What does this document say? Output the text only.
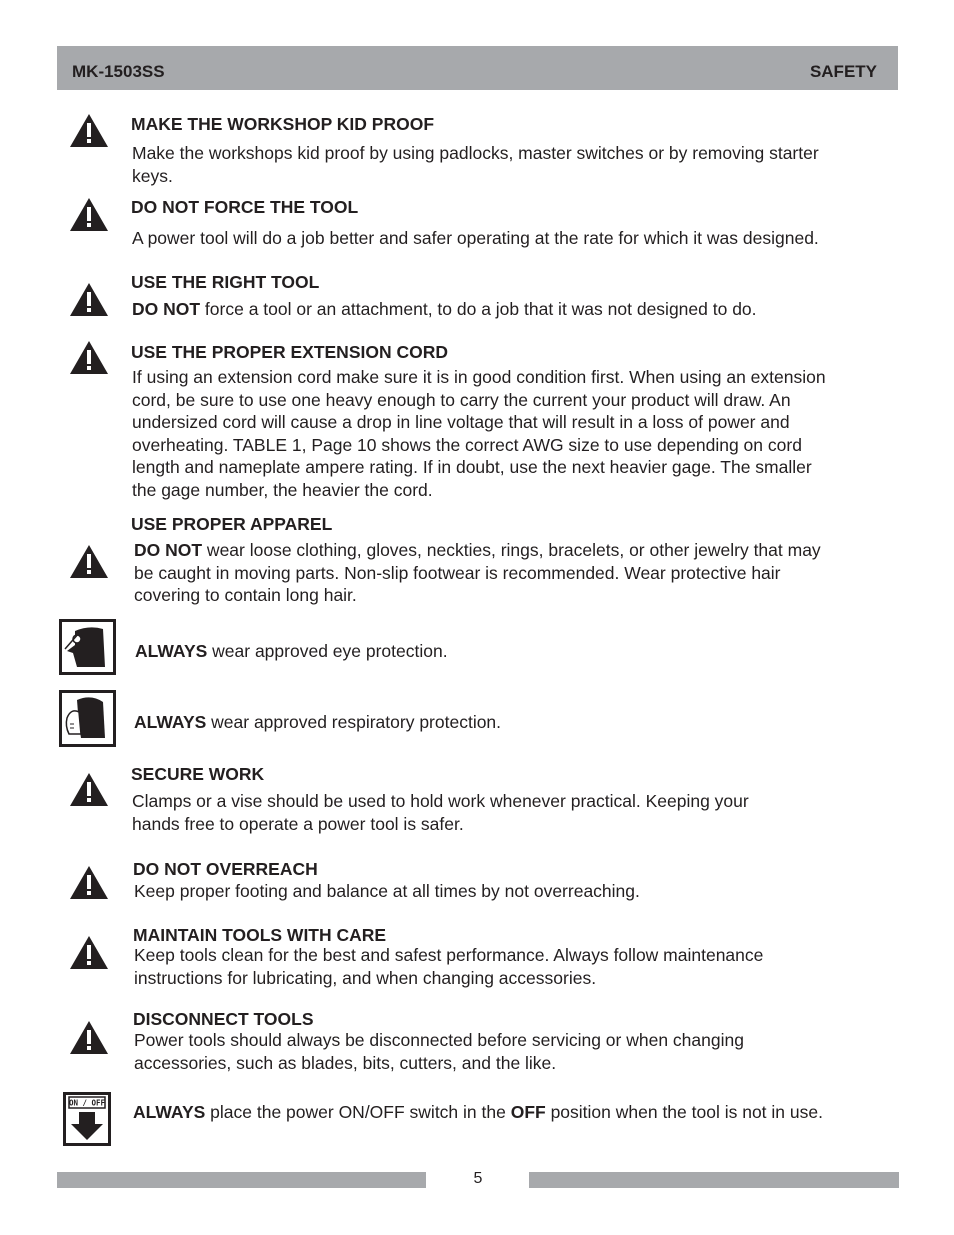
MK-1503SS	SAFETY
MAKE THE WORKSHOP KID PROOF
Make the workshops kid proof by using padlocks, master switches or by removing starter
keys.
DO NOT FORCE THE TOOL
A power tool will do a job better and safer operating at the rate for which it was designed.
USE THE RIGHT TOOL
DO NOT force a tool or an attachment, to do a job that it was not designed to do.
USE THE PROPER EXTENSION CORD
If using an extension cord make sure it is in good condition first. When using an extension
cord, be sure to use one heavy enough to carry the current your product will draw. An
undersized cord will cause a drop in line voltage that will result in a loss of power and
overheating. TABLE 1, Page 10 shows the correct AWG size to use depending on cord
length and nameplate ampere rating. If in doubt, use the next heavier gage. The smaller
the gage number, the heavier the cord.
USE PROPER APPAREL
DO NOT wear loose clothing, gloves, neckties, rings, bracelets, or other jewelry that may
be caught in moving parts. Non-slip footwear is recommended. Wear protective hair
covering to contain long hair.
ALWAYS wear approved eye protection.
ALWAYS wear approved respiratory protection.
SECURE WORK
Clamps or a vise should be used to hold work whenever practical. Keeping your
hands free to operate a power tool is safer.
DO NOT OVERREACH
Keep proper footing and balance at all times by not overreaching.
MAINTAIN TOOLS WITH CARE
Keep tools clean for the best and safest performance. Always follow maintenance
instructions for lubricating, and when changing accessories.
DISCONNECT TOOLS
Power tools should always be disconnected before servicing or when changing
accessories, such as blades, bits, cutters, and the like.
ON / OFF ALWAYS place the power ON/OFF switch in the OFF position when the tool is not in use.
5
